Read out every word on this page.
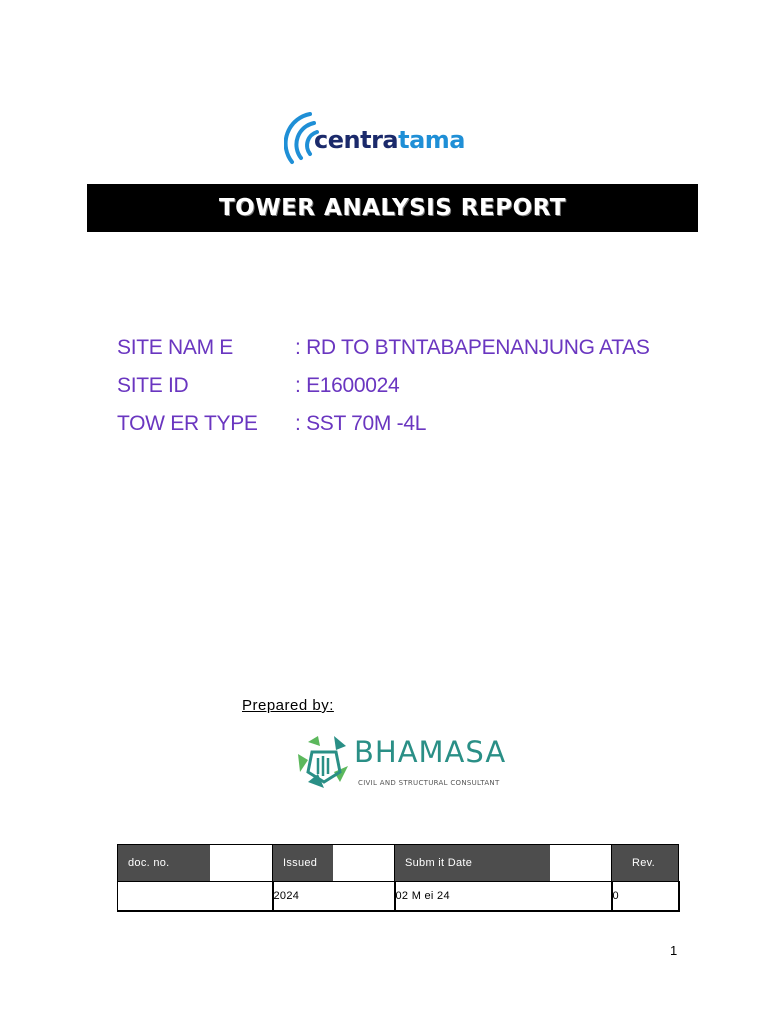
centratama
TOWER ANALYSIS REPORT
SITE NAM E	: RD TO BTNTABAPENANJUNG ATAS
SITE ID	: E1600024
TOW ER TYPE : SST 70M -4L
Prepared by:
BHAMASA
CIVIL AND STRUCTURAL CONSULTANT
doc. no.	Issued	Subm it Date	Rev.

	2024	02 M ei 24	0
1
